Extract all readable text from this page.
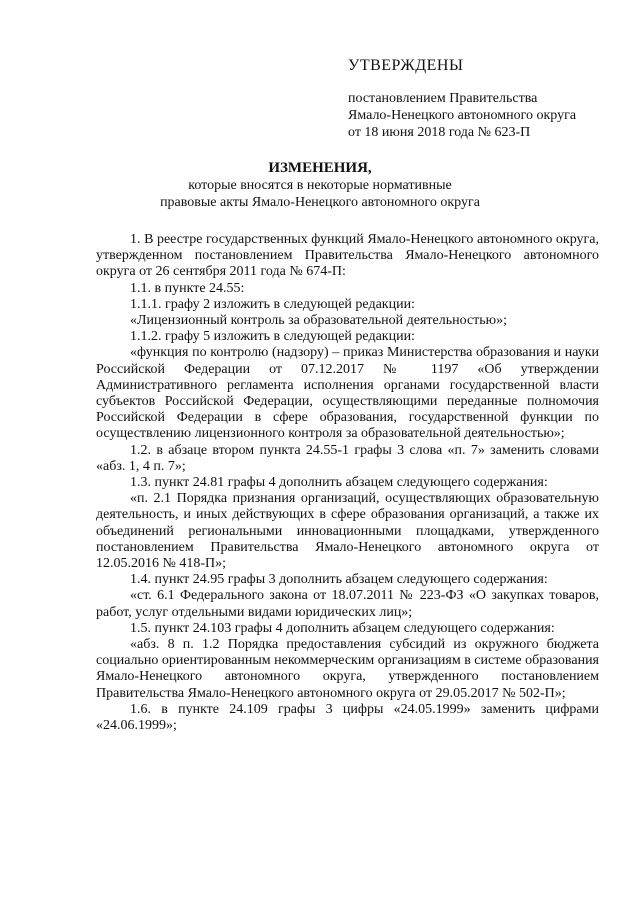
УТВЕРЖДЕНЫ
постановлением Правительства
Ямало-Ненецкого автономного округа
от 18 июня 2018 года № 623-П
ИЗМЕНЕНИЯ,
которые вносятся в некоторые нормативные
правовые акты Ямало-Ненецкого автономного округа

1. В реестре государственных функций Ямало-Ненецкого автономного округа, утвержденном постановлением Правительства Ямало-Ненецкого автономного округа от 26 сентября 2011 года № 674-П:

1.1. в пункте 24.55:

1.1.1. графу 2 изложить в следующей редакции:

«Лицензионный контроль за образовательной деятельностью»;

1.1.2. графу 5 изложить в следующей редакции:

«функция по контролю (надзору) – приказ Министерства образования и науки Российской Федерации от 07.12.2017 № 1197 «Об утверждении Административного регламента исполнения органами государственной власти субъектов Российской Федерации, осуществляющими переданные полномочия Российской Федерации в сфере образования, государственной функции по осуществлению лицензионного контроля за образовательной деятельностью»;

1.2. в абзаце втором пункта 24.55-1 графы 3 слова «п. 7» заменить словами «абз. 1, 4 п. 7»;

1.3. пункт 24.81 графы 4 дополнить абзацем следующего содержания:

«п. 2.1 Порядка признания организаций, осуществляющих образовательную деятельность, и иных действующих в сфере образования организаций, а также их объединений региональными инновационными площадками, утвержденного постановлением Правительства Ямало-Ненецкого автономного округа от 12.05.2016 № 418-П»;

1.4. пункт 24.95 графы 3 дополнить абзацем следующего содержания:

«ст. 6.1 Федерального закона от 18.07.2011 № 223-ФЗ «О закупках товаров, работ, услуг отдельными видами юридических лиц»;

1.5. пункт 24.103 графы 4 дополнить абзацем следующего содержания:

«абз. 8 п. 1.2 Порядка предоставления субсидий из окружного бюджета социально ориентированным некоммерческим организациям в системе образования Ямало-Ненецкого автономного округа, утвержденного постановлением Правительства Ямало-Ненецкого автономного округа от 29.05.2017 № 502-П»;

1.6. в пункте 24.109 графы 3 цифры «24.05.1999» заменить цифрами «24.06.1999»;
